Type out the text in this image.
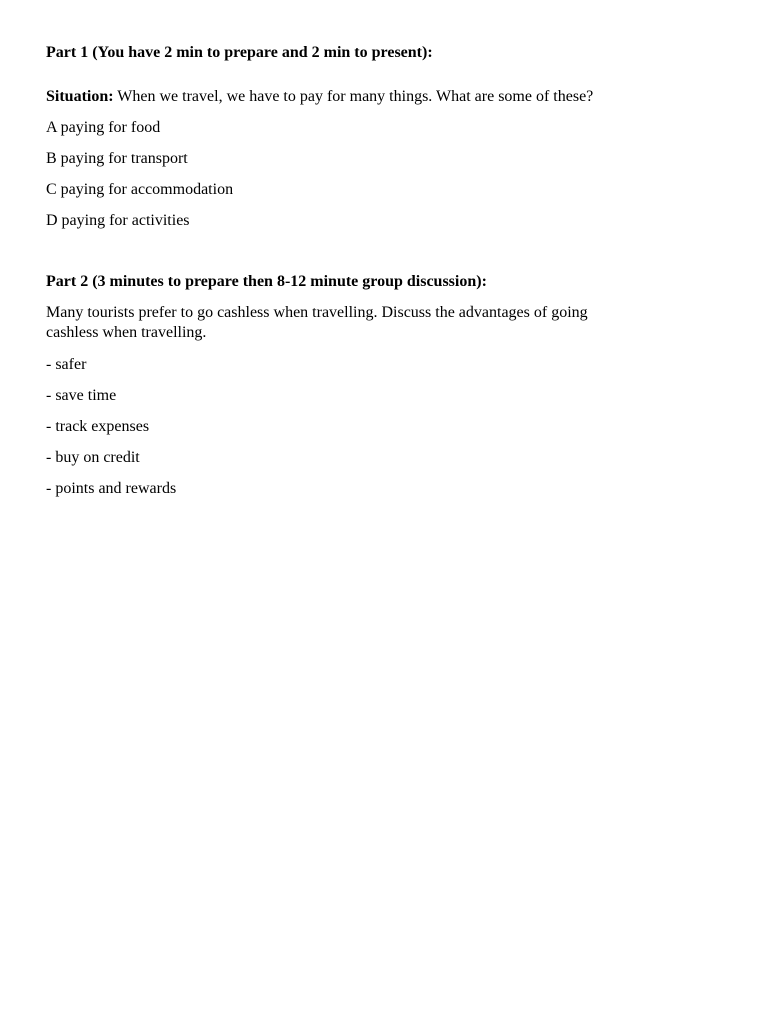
Part 1 (You have 2 min to prepare and 2 min to present):
Situation: When we travel, we have to pay for many things. What are some of these?
A paying for food
B paying for transport
C paying for accommodation
D paying for activities
Part 2 (3 minutes to prepare then 8-12 minute group discussion):
Many tourists prefer to go cashless when travelling. Discuss the advantages of going
cashless when travelling.
- safer
- save time
- track expenses
- buy on credit
- points and rewards
